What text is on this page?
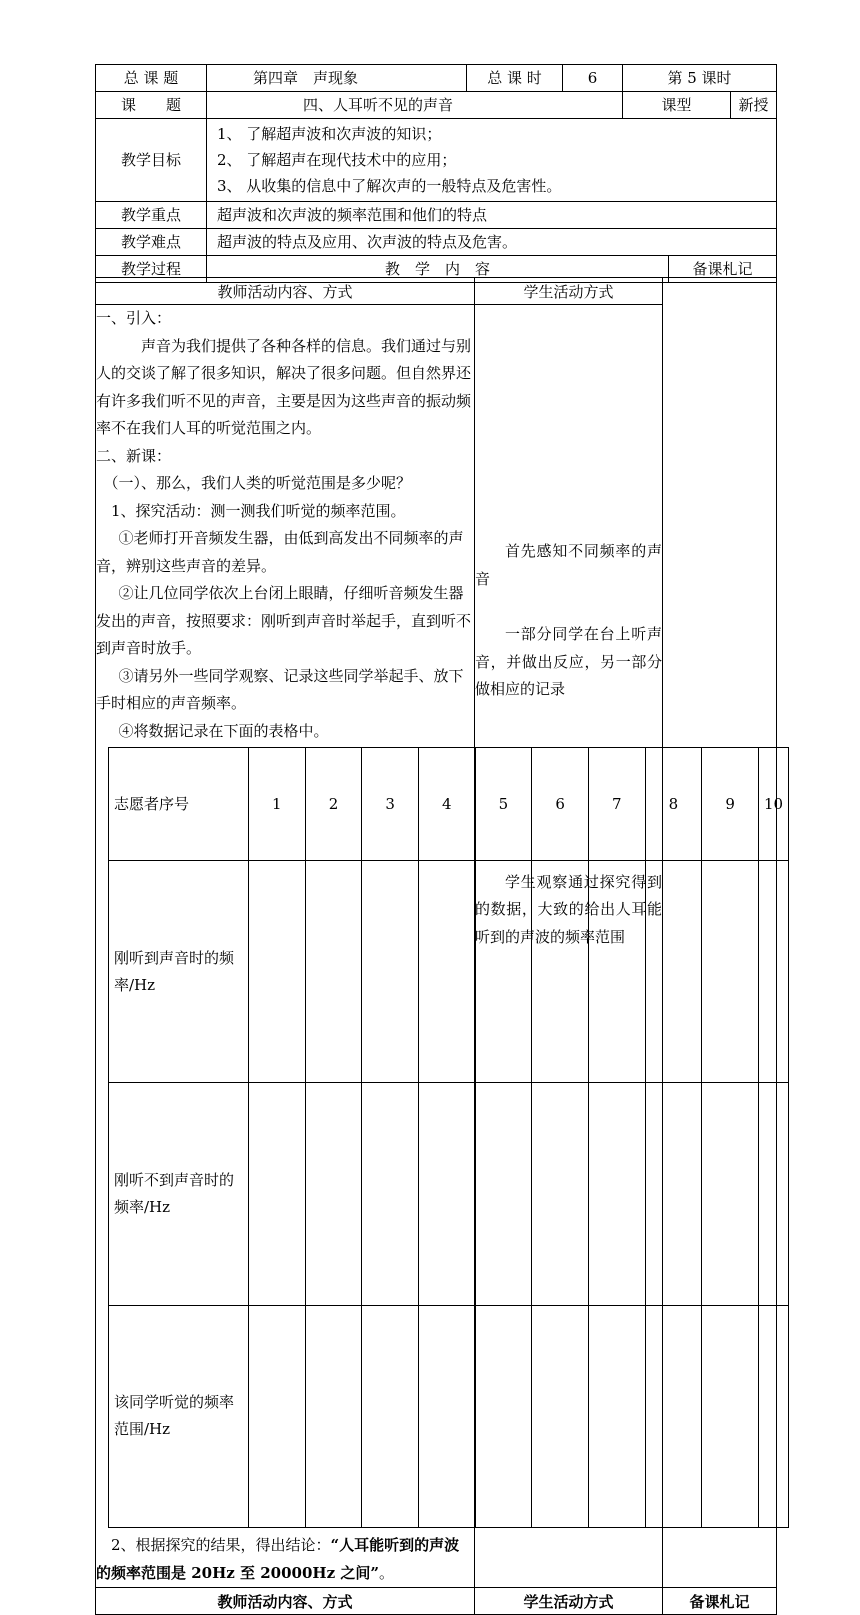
总 课 题	第四章　声现象	总 课 时	6	第 5 课时		
课　　题	四、人耳听不见的声音			课型		新授
教学目标	1、 了解超声波和次声波的知识；
2、 了解超声在现代技术中的应用；
3、 从收集的信息中了解次声的一般特点及危害性。					

教学重点	超声波和次声波的频率范围和他们的特点					
教学难点	超声波的特点及应用、次声波的特点及危害。					
教学过程	教　学　内　容				备课札记	
教师活动内容、方式	学生活动方式	

一、引入：

声音为我们提供了各种各样的信息。我们通过与别人的交谈了解了很多知识，解决了很多问题。但自然界还有许多我们听不见的声音，主要是因为这些声音的振动频率不在我们人耳的听觉范围之内。

二、新课：

（一）、那么，我们人类的听觉范围是多少呢？

1、探究活动：测一测我们听觉的频率范围。

①老师打开音频发生器，由低到高发出不同频率的声音，辨别这些声音的差异。

②让几位同学依次上台闭上眼睛，仔细听音频发生器发出的声音，按照要求：刚听到声音时举起手，直到听不到声音时放手。

③请另外一些同学观察、记录这些同学举起手、放下手时相应的声音频率。

④将数据记录在下面的表格中。

志愿者序号	1	2	3	4	5	6	7	8	9	10
刚听到声音时的频率/Hz										
刚听不到声音时的频率/Hz										
该同学听觉的频率范围/Hz										

2、根据探究的结果，得出结论：“人耳能听到的声波的频率范围是 20Hz 至 20000Hz 之间”。

首先感知不同频率的声音

一部分同学在台上听声音，并做出反应，另一部分做相应的记录

学生观察通过探究得到的数据，大致的给出人耳能听到的声波的频率范围

教师活动内容、方式	学生活动方式	备课札记
